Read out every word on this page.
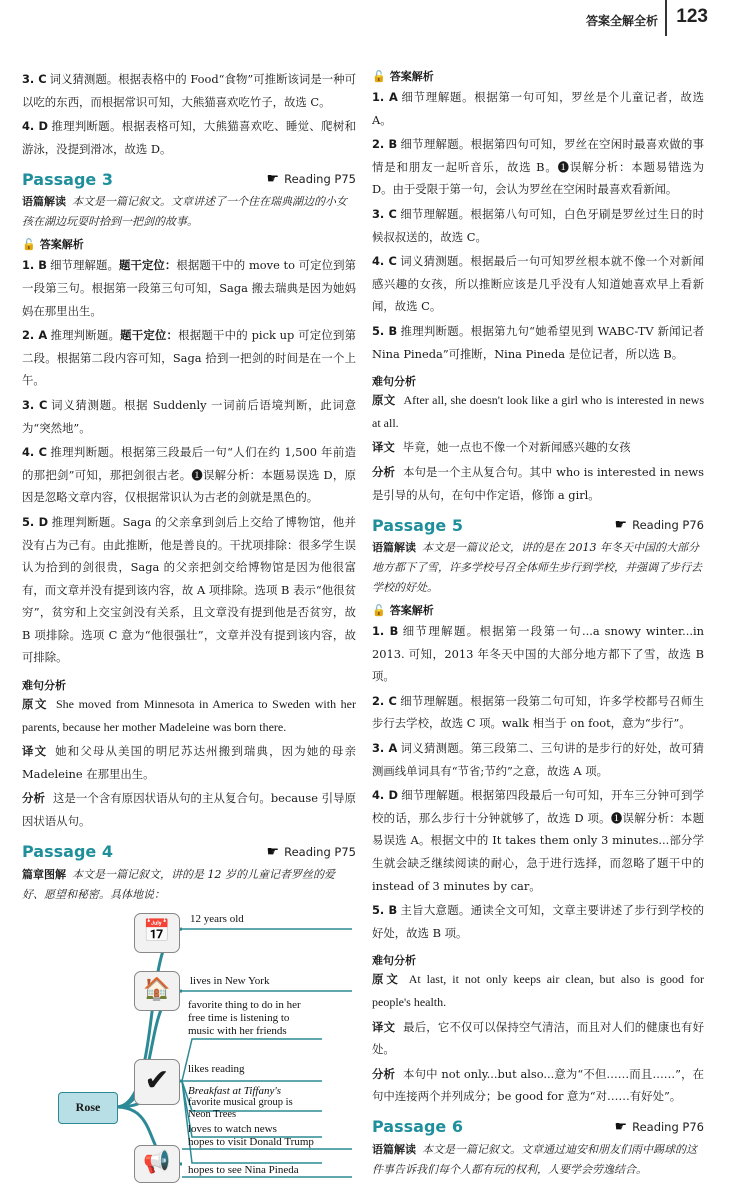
答案全解全析 123
3. C 词义猜测题。根据表格中的 Food“食物”可推断该词是一种可以吃的东西，而根据常识可知，大熊猫喜欢吃竹子，故选 C。
4. D 推理判断题。根据表格可知，大熊猫喜欢吃、睡觉、爬树和游泳，没提到滑冰，故选 D。
Passage 3	☛ Reading P75
语篇解读 本文是一篇记叙文。文章讲述了一个住在瑞典湖边的小女孩在湖边玩耍时拾到一把剑的故事。
🔓 答案解析
1. B 细节理解题。题干定位：根据题干中的 move to 可定位到第一段第三句。根据第一段第三句可知，Saga 搬去瑞典是因为她妈妈在那里出生。
2. A 推理判断题。题干定位：根据题干中的 pick up 可定位到第二段。根据第二段内容可知，Saga 拾到一把剑的时间是在一个上午。
3. C 词义猜测题。根据 Suddenly 一词前后语境判断，此词意为“突然地”。
4. C 推理判断题。根据第三段最后一句“人们在约 1,500 年前造的那把剑”可知，那把剑很古老。❶误解分析：本题易误选 D，原因是忽略文章内容，仅根据常识认为古老的剑就是黑色的。
5. D 推理判断题。Saga 的父亲拿到剑后上交给了博物馆，他并没有占为己有。由此推断，他是善良的。干扰项排除：很多学生误认为拾到的剑很贵，Saga 的父亲把剑交给博物馆是因为他很富有，而文章并没有提到该内容，故 A 项排除。选项 B 表示“他很贫穷”，贫穷和上交宝剑没有关系，且文章没有提到他是否贫穷，故 B 项排除。选项 C 意为“他很强壮”，文章并没有提到该内容，故可排除。
难句分析
原文 She moved from Minnesota in America to Sweden with her parents, because her mother Madeleine was born there.
译文 她和父母从美国的明尼苏达州搬到瑞典，因为她的母亲 Madeleine 在那里出生。
分析 这是一个含有原因状语从句的主从复合句。because 引导原因状语从句。
Passage 4	☛ Reading P75
篇章图解 本文是一篇记叙文，讲的是 12 岁的儿童记者罗丝的爱好、愿望和秘密。具体地说：
📅
🏠
✔
📢
Rose
12 years old
lives in New York
favorite thing to do in her free time is listening to music with her friends
likes reading
Breakfast at Tiffany's
favorite musical group is Neon Trees
loves to watch news
hopes to visit Donald Trump
hopes to see Nina Pineda
🔓 答案解析
1. A 细节理解题。根据第一句可知，罗丝是个儿童记者，故选 A。
2. B 细节理解题。根据第四句可知，罗丝在空闲时最喜欢做的事情是和朋友一起听音乐，故选 B。❶误解分析：本题易错选为 D。由于受限于第一句，会认为罗丝在空闲时最喜欢看新闻。
3. C 细节理解题。根据第八句可知，白色牙刷是罗丝过生日的时候叔叔送的，故选 C。
4. C 词义猜测题。根据最后一句可知罗丝根本就不像一个对新闻感兴趣的女孩，所以推断应该是几乎没有人知道她喜欢早上看新闻，故选 C。
5. B 推理判断题。根据第九句“她希望见到 WABC-TV 新闻记者 Nina Pineda”可推断，Nina Pineda 是位记者，所以选 B。
难句分析
原文 After all, she doesn't look like a girl who is interested in news at all.
译文 毕竟，她一点也不像一个对新闻感兴趣的女孩
分析 本句是一个主从复合句。其中 who is interested in news 是引导的从句，在句中作定语，修饰 a girl。
Passage 5	☛ Reading P76
语篇解读 本文是一篇议论文，讲的是在 2013 年冬天中国的大部分地方都下了雪，许多学校号召全体师生步行到学校，并强调了步行去学校的好处。
🔓 答案解析
1. B 细节理解题。根据第一段第一句...a snowy winter...in 2013. 可知，2013 年冬天中国的大部分地方都下了雪，故选 B 项。
2. C 细节理解题。根据第一段第二句可知，许多学校都号召师生步行去学校，故选 C 项。walk 相当于 on foot，意为“步行”。
3. A 词义猜测题。第三段第二、三句讲的是步行的好处，故可猜测画线单词具有“节省;节约”之意，故选 A 项。
4. D 细节理解题。根据第四段最后一句可知，开车三分钟可到学校的话，那么步行十分钟就够了，故选 D 项。❶误解分析：本题易误选 A。根据文中的 It takes them only 3 minutes...部分学生就会缺乏继续阅读的耐心，急于进行选择，而忽略了题干中的 instead of 3 minutes by car。
5. B 主旨大意题。通读全文可知，文章主要讲述了步行到学校的好处，故选 B 项。
难句分析
原文 At last, it not only keeps air clean, but also is good for people's health.
译文 最后，它不仅可以保持空气清洁，而且对人们的健康也有好处。
分析 本句中 not only...but also...意为“不但……而且……”，在句中连接两个并列成分；be good for 意为“对……有好处”。
Passage 6	☛ Reading P76
语篇解读 本文是一篇记叙文。文章通过迪安和朋友们雨中踢球的这件事告诉我们每个人都有玩的权利，人要学会劳逸结合。
